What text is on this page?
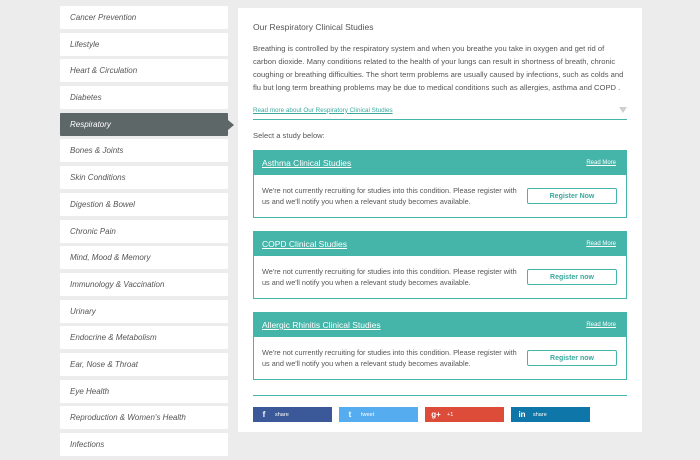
Cancer Prevention
Lifestyle
Heart & Circulation
Diabetes
Respiratory
Bones & Joints
Skin Conditions
Digestion & Bowel
Chronic Pain
Mind, Mood & Memory
Immunology & Vaccination
Urinary
Endocrine & Metabolism
Ear, Nose & Throat
Eye Health
Reproduction & Women's Health
Infections

Our Respiratory Clinical Studies

Breathing is controlled by the respiratory system and when you breathe you take in oxygen and get rid of carbon dioxide. Many conditions related to the health of your lungs can result in shortness of breath, chronic coughing or breathing difficulties. The short term problems are usually caused by infections, such as colds and flu but long term breathing problems may be due to medical conditions such as allergies, asthma and COPD .

Read more about Our Respiratory Clinical Studies
Select a study below:
Asthma Clinical Studies	Read More
We're not currently recruiting for studies into this condition. Please register with us and we'll notify you when a relevant study becomes available.
Register Now
COPD Clinical Studies	Read More
We're not currently recruiting for studies into this condition. Please register with us and we'll notify you when a relevant study becomes available.
Register now
Allergic Rhinitis Clinical Studies	Read More
We're not currently recruiting for studies into this condition. Please register with us and we'll notify you when a relevant study becomes available.
Register now
f	share	t	tweet	g+	+1	in	share
